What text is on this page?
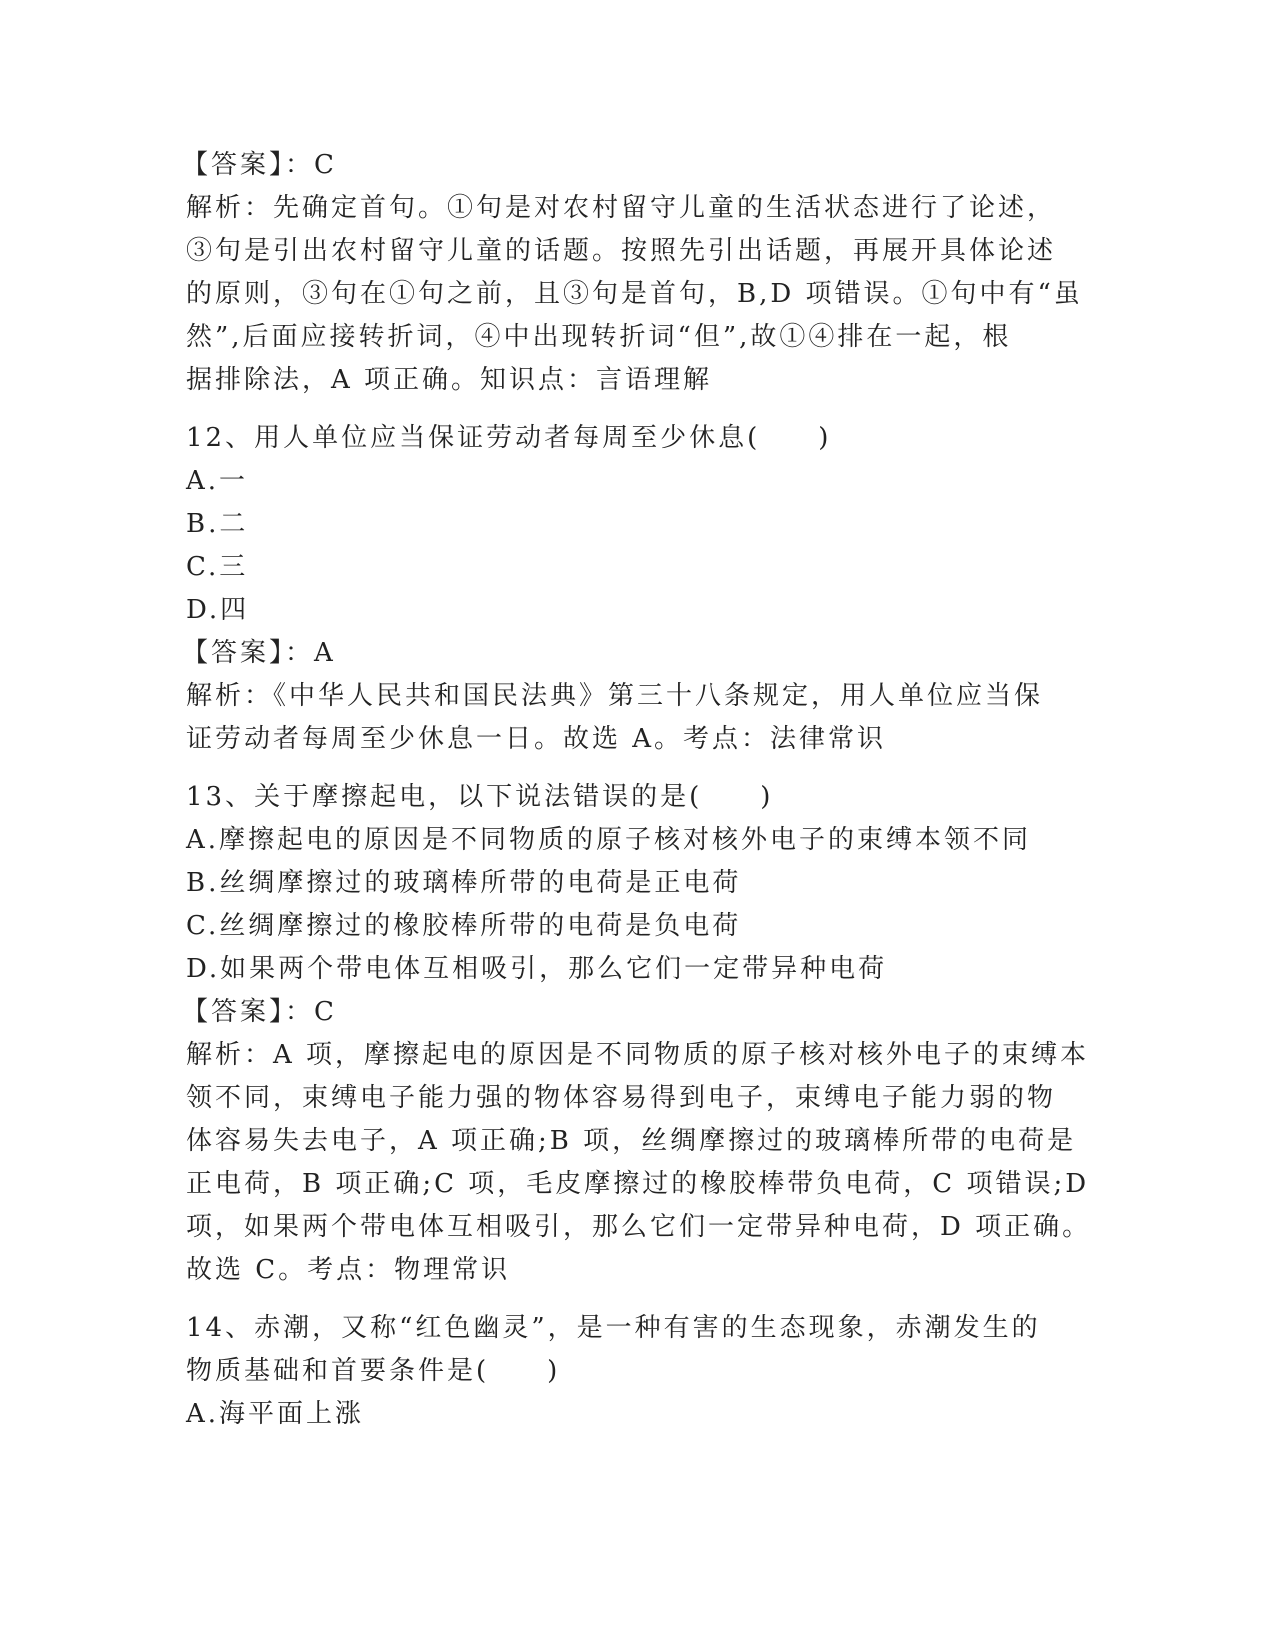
【答案】：C
解析：先确定首句。①句是对农村留守儿童的生活状态进行了论述，
③句是引出农村留守儿童的话题。按照先引出话题，再展开具体论述
的原则，③句在①句之前，且③句是首句，B,D 项错误。①句中有“虽
然”,后面应接转折词，④中出现转折词“但”,故①④排在一起，根
据排除法，A 项正确。知识点：言语理解
12、用人单位应当保证劳动者每周至少休息(　　)
A.一
B.二
C.三
D.四
【答案】：A
解析：《中华人民共和国民法典》第三十八条规定，用人单位应当保
证劳动者每周至少休息一日。故选 A。考点：法律常识
13、关于摩擦起电，以下说法错误的是(　　)
A.摩擦起电的原因是不同物质的原子核对核外电子的束缚本领不同
B.丝绸摩擦过的玻璃棒所带的电荷是正电荷
C.丝绸摩擦过的橡胶棒所带的电荷是负电荷
D.如果两个带电体互相吸引，那么它们一定带异种电荷
【答案】：C
解析：A 项，摩擦起电的原因是不同物质的原子核对核外电子的束缚本
领不同，束缚电子能力强的物体容易得到电子，束缚电子能力弱的物
体容易失去电子，A 项正确;B 项，丝绸摩擦过的玻璃棒所带的电荷是
正电荷，B 项正确;C 项，毛皮摩擦过的橡胶棒带负电荷，C 项错误;D
项，如果两个带电体互相吸引，那么它们一定带异种电荷，D 项正确。
故选 C。考点：物理常识
14、赤潮，又称“红色幽灵”，是一种有害的生态现象，赤潮发生的
物质基础和首要条件是(　　)
A.海平面上涨
